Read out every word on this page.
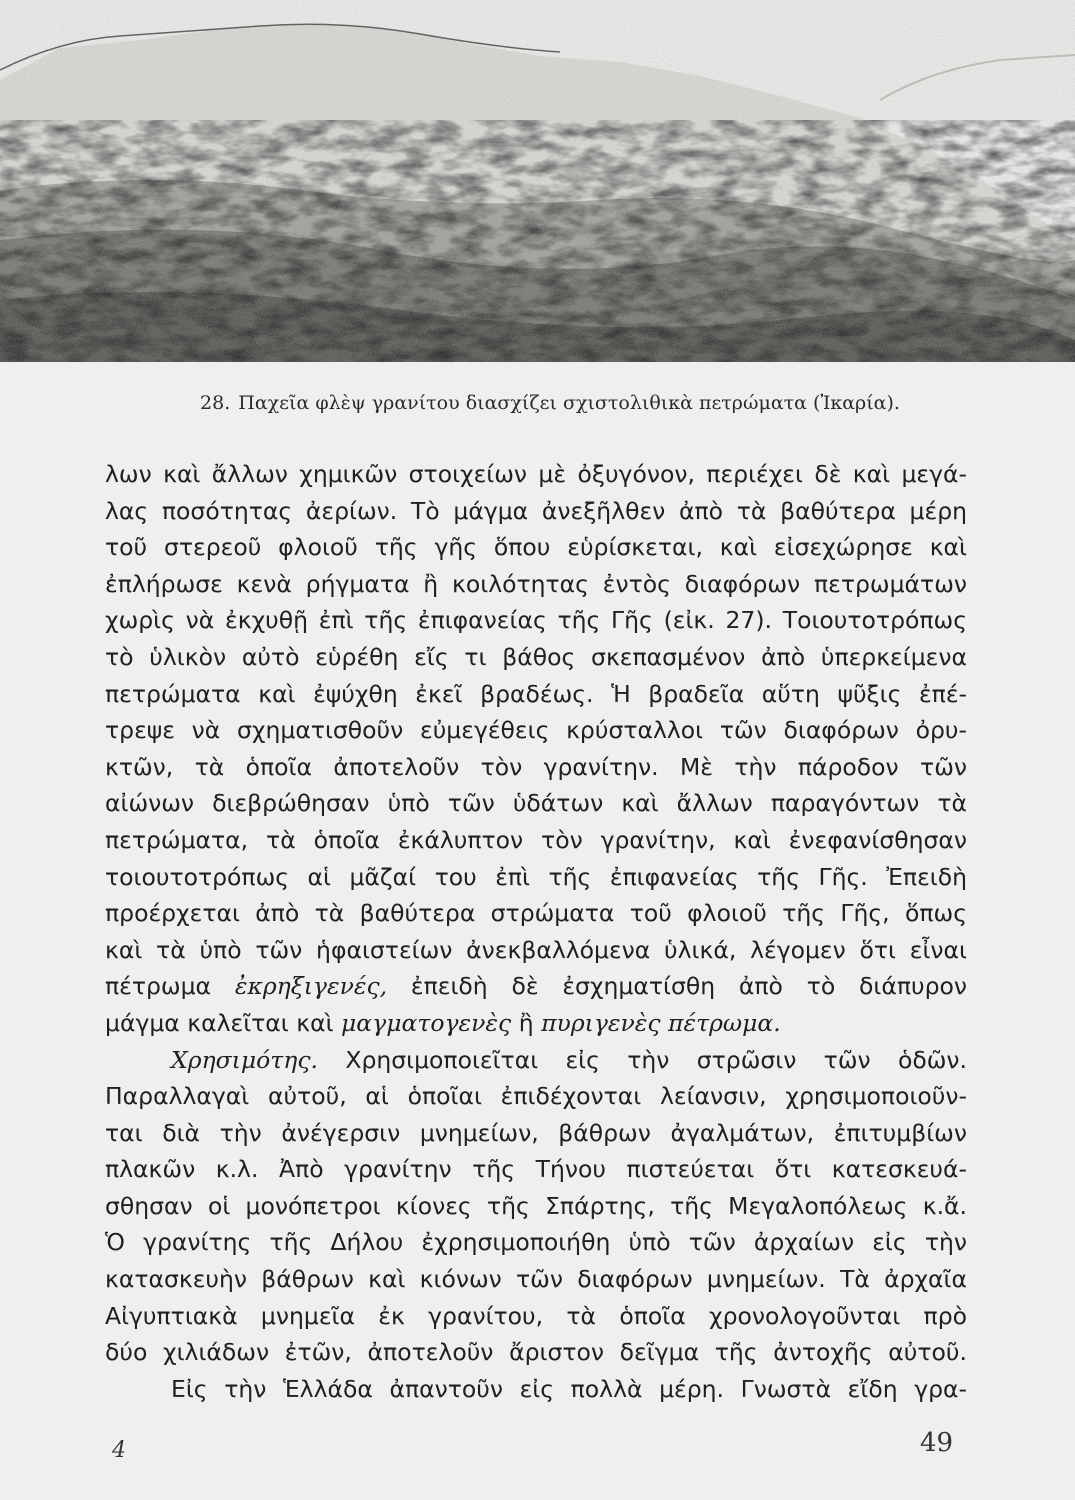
28. Παχεῖα φλὲψ γρανίτου διασχίζει σχιστολιθικὰ πετρώματα (Ἰκαρία).
λων καὶ ἄλλων χημικῶν στοιχείων μὲ ὀξυγόνον, περιέχει δὲ καὶ μεγά-
λας ποσότητας ἀερίων. Τὸ μάγμα ἀνεξῆλθεν ἀπὸ τὰ βαθύτερα μέρη
τοῦ στερεοῦ φλοιοῦ τῆς γῆς ὅπου εὑρίσκεται, καὶ εἰσεχώρησε καὶ
ἐπλήρωσε κενὰ ρήγματα ἢ κοιλότητας ἐντὸς διαφόρων πετρωμάτων
χωρὶς νὰ ἐκχυθῇ ἐπὶ τῆς ἐπιφανείας τῆς Γῆς (εἰκ. 27). Τοιουτοτρόπως
τὸ ὑλικὸν αὐτὸ εὑρέθη εἴς τι βάθος σκεπασμένον ἀπὸ ὑπερκείμενα
πετρώματα καὶ ἐψύχθη ἐκεῖ βραδέως. Ἡ βραδεῖα αὕτη ψῦξις ἐπέ-
τρεψε νὰ σχηματισθοῦν εὐμεγέθεις κρύσταλλοι τῶν διαφόρων ὀρυ-
κτῶν, τὰ ὁποῖα ἀποτελοῦν τὸν γρανίτην. Μὲ τὴν πάροδον τῶν
αἰώνων διεβρώθησαν ὑπὸ τῶν ὑδάτων καὶ ἄλλων παραγόντων τὰ
πετρώματα, τὰ ὁποῖα ἐκάλυπτον τὸν γρανίτην, καὶ ἐνεφανίσθησαν
τοιουτοτρόπως αἱ μᾶζαί του ἐπὶ τῆς ἐπιφανείας τῆς Γῆς. Ἐπειδὴ
προέρχεται ἀπὸ τὰ βαθύτερα στρώματα τοῦ φλοιοῦ τῆς Γῆς, ὅπως
καὶ τὰ ὑπὸ τῶν ἡφαιστείων ἀνεκβαλλόμενα ὑλικά, λέγομεν ὅτι εἶναι
πέτρωμα ἐκρηξιγενές, ἐπειδὴ δὲ ἐσχηματίσθη ἀπὸ τὸ διάπυρον
μάγμα καλεῖται καὶ μαγματογενὲς ἢ πυριγενὲς πέτρωμα.
Χρησιμότης. Χρησιμοποιεῖται εἰς τὴν στρῶσιν τῶν ὁδῶν.
Παραλλαγαὶ αὐτοῦ, αἱ ὁποῖαι ἐπιδέχονται λείανσιν, χρησιμοποιοῦν-
ται διὰ τὴν ἀνέγερσιν μνημείων, βάθρων ἀγαλμάτων, ἐπιτυμβίων
πλακῶν κ.λ. Ἀπὸ γρανίτην τῆς Τήνου πιστεύεται ὅτι κατεσκευά-
σθησαν οἱ μονόπετροι κίονες τῆς Σπάρτης, τῆς Μεγαλοπόλεως κ.ἄ.
Ὁ γρανίτης τῆς Δήλου ἐχρησιμοποιήθη ὑπὸ τῶν ἀρχαίων εἰς τὴν
κατασκευὴν βάθρων καὶ κιόνων τῶν διαφόρων μνημείων. Τὰ ἀρχαῖα
Αἰγυπτιακὰ μνημεῖα ἐκ γρανίτου, τὰ ὁποῖα χρονολογοῦνται πρὸ
δύο χιλιάδων ἐτῶν, ἀποτελοῦν ἄριστον δεῖγμα τῆς ἀντοχῆς αὐτοῦ.
Εἰς τὴν Ἑλλάδα ἀπαντοῦν εἰς πολλὰ μέρη. Γνωστὰ εἴδη γρα-
4	49
